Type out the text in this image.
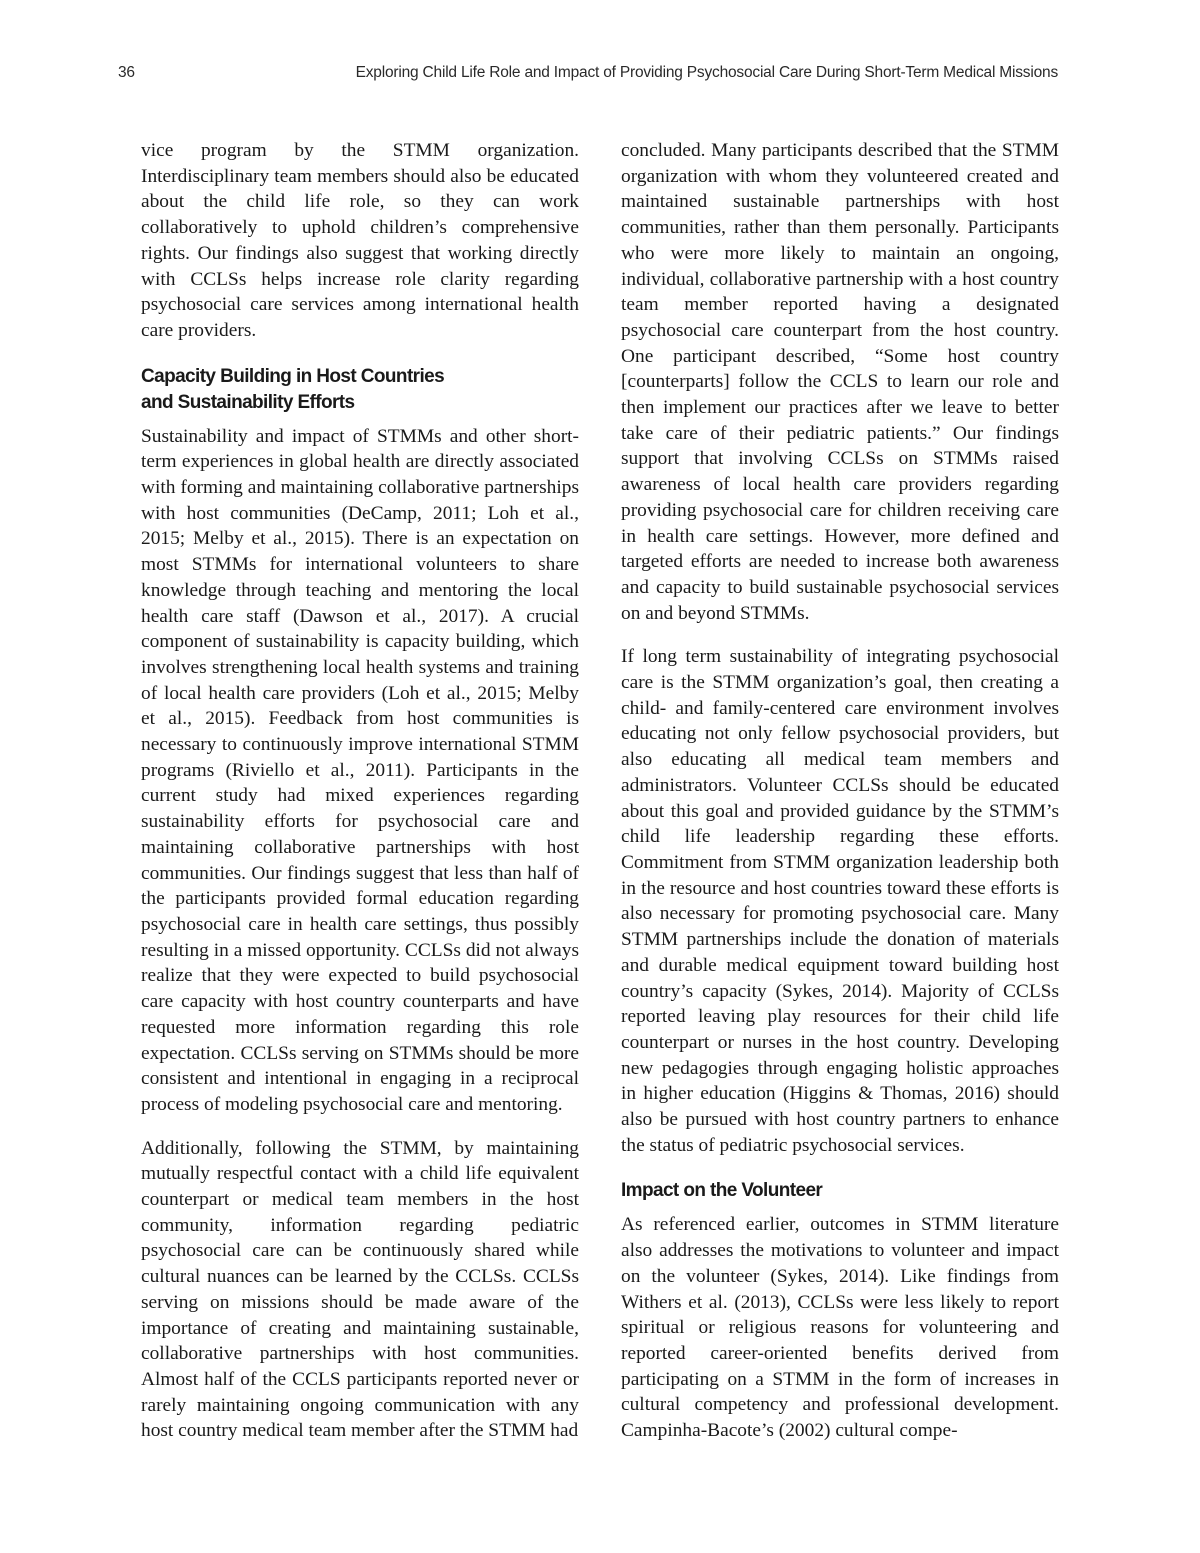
36	Exploring Child Life Role and Impact of Providing Psychosocial Care During Short-Term Medical Missions

vice program by the STMM organization. Interdisciplinary team members should also be educated about the child life role, so they can work collaboratively to uphold children’s comprehensive rights. Our findings also suggest that working directly with CCLSs helps increase role clarity regarding psychosocial care services among international health care providers.

Capacity Building in Host Countries
and Sustainability Efforts

Sustainability and impact of STMMs and other short-term experiences in global health are directly associated with forming and maintaining collaborative partnerships with host communities (DeCamp, 2011; Loh et al., 2015; Melby et al., 2015). There is an expectation on most STMMs for international volunteers to share knowledge through teaching and mentoring the local health care staff (Dawson et al., 2017). A crucial component of sustainability is capacity building, which involves strengthening local health systems and training of local health care providers (Loh et al., 2015; Melby et al., 2015). Feedback from host communities is necessary to continuously improve international STMM programs (Riviello et al., 2011). Participants in the current study had mixed experiences regarding sustainability efforts for psychosocial care and maintaining collaborative partnerships with host communities. Our findings suggest that less than half of the participants provided formal education regarding psychosocial care in health care settings, thus possibly resulting in a missed opportunity. CCLSs did not always realize that they were expected to build psychosocial care capacity with host country counterparts and have requested more information regarding this role expectation. CCLSs serving on STMMs should be more consistent and intentional in engaging in a reciprocal process of modeling psychosocial care and mentoring.

Additionally, following the STMM, by maintaining mutually respectful contact with a child life equivalent counterpart or medical team members in the host community, information regarding pediatric psychosocial care can be continuously shared while cultural nuances can be learned by the CCLSs. CCLSs serving on missions should be made aware of the importance of creating and maintaining sustainable, collaborative partnerships with host communities. Almost half of the CCLS participants reported never or rarely maintaining ongoing communication with any host country medical team member after the STMM had

concluded. Many participants described that the STMM organization with whom they volunteered created and maintained sustainable partnerships with host communities, rather than them personally. Participants who were more likely to maintain an ongoing, individual, collaborative partnership with a host country team member reported having a designated psychosocial care counterpart from the host country. One participant described, “Some host country [counterparts] follow the CCLS to learn our role and then implement our practices after we leave to better take care of their pediatric patients.” Our findings support that involving CCLSs on STMMs raised awareness of local health care providers regarding providing psychosocial care for children receiving care in health care settings. However, more defined and targeted efforts are needed to increase both awareness and capacity to build sustainable psychosocial services on and beyond STMMs.

If long term sustainability of integrating psychosocial care is the STMM organization’s goal, then creating a child- and family-centered care environment involves educating not only fellow psychosocial providers, but also educating all medical team members and administrators. Volunteer CCLSs should be educated about this goal and provided guidance by the STMM’s child life leadership regarding these efforts. Commitment from STMM organization leadership both in the resource and host countries toward these efforts is also necessary for promoting psychosocial care. Many STMM partnerships include the donation of materials and durable medical equipment toward building host country’s capacity (Sykes, 2014). Majority of CCLSs reported leaving play resources for their child life counterpart or nurses in the host country. Developing new pedagogies through engaging holistic approaches in higher education (Higgins & Thomas, 2016) should also be pursued with host country partners to enhance the status of pediatric psychosocial services.

Impact on the Volunteer

As referenced earlier, outcomes in STMM literature also addresses the motivations to volunteer and impact on the volunteer (Sykes, 2014). Like findings from Withers et al. (2013), CCLSs were less likely to report spiritual or religious reasons for volunteering and reported career-oriented benefits derived from participating on a STMM in the form of increases in cultural competency and professional development. Campinha-Bacote’s (2002) cultural compe-
